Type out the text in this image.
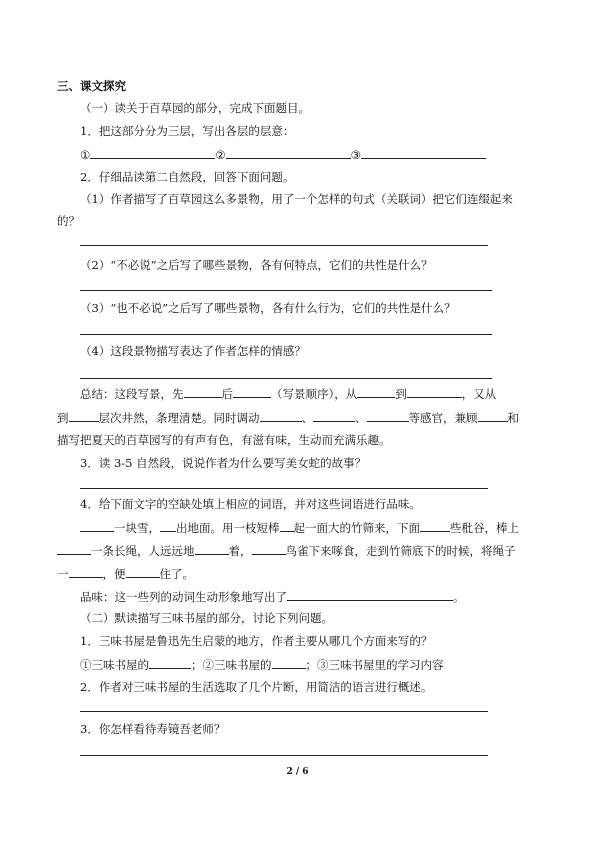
三、课文探究
（一）读关于百草园的部分，完成下面题目。
1．把这部分分为三层，写出各层的层意：
①	②	③
2．仔细品读第二自然段，回答下面问题。
（1）作者描写了百草园这么多景物，用了一个怎样的句式（关联词）把它们连缀起来
的？
（2）“不必说”之后写了哪些景物，各有何特点，它们的共性是什么？
（3）“也不必说”之后写了哪些景物，各有什么行为，它们的共性是什么？
（4）这段景物描写表达了作者怎样的情感？
总结：这段写景，先	后	（写景顺序），从	到	，又从
到	层次井然，条理清楚。同时调动	、	、	等感官，兼顾	和
描写把夏天的百草园写的有声有色，有滋有味，生动而充满乐趣。
3．读 3-5 自然段，说说作者为什么要写美女蛇的故事？
4．给下面文字的空缺处填上相应的词语，并对这些词语进行品味。
一块雪， 出地面。用一枝短棒 起一面大的竹筛来，下面	些秕谷，棒上
一条长绳，人远远地	着，	鸟雀下来啄食，走到竹筛底下的时候，将绳子
一	，便	住了。
品味：这一些列的动词生动形象地写出了	。
（二）默读描写三味书屋的部分，讨论下列问题。
1．三味书屋是鲁迅先生启蒙的地方，作者主要从哪几个方面来写的？
①三味书屋的	；②三味书屋的	；③三味书屋里的学习内容
2．作者对三味书屋的生活选取了几个片断，用简洁的语言进行概述。
3．你怎样看待寿镜吾老师？
2 / 6
